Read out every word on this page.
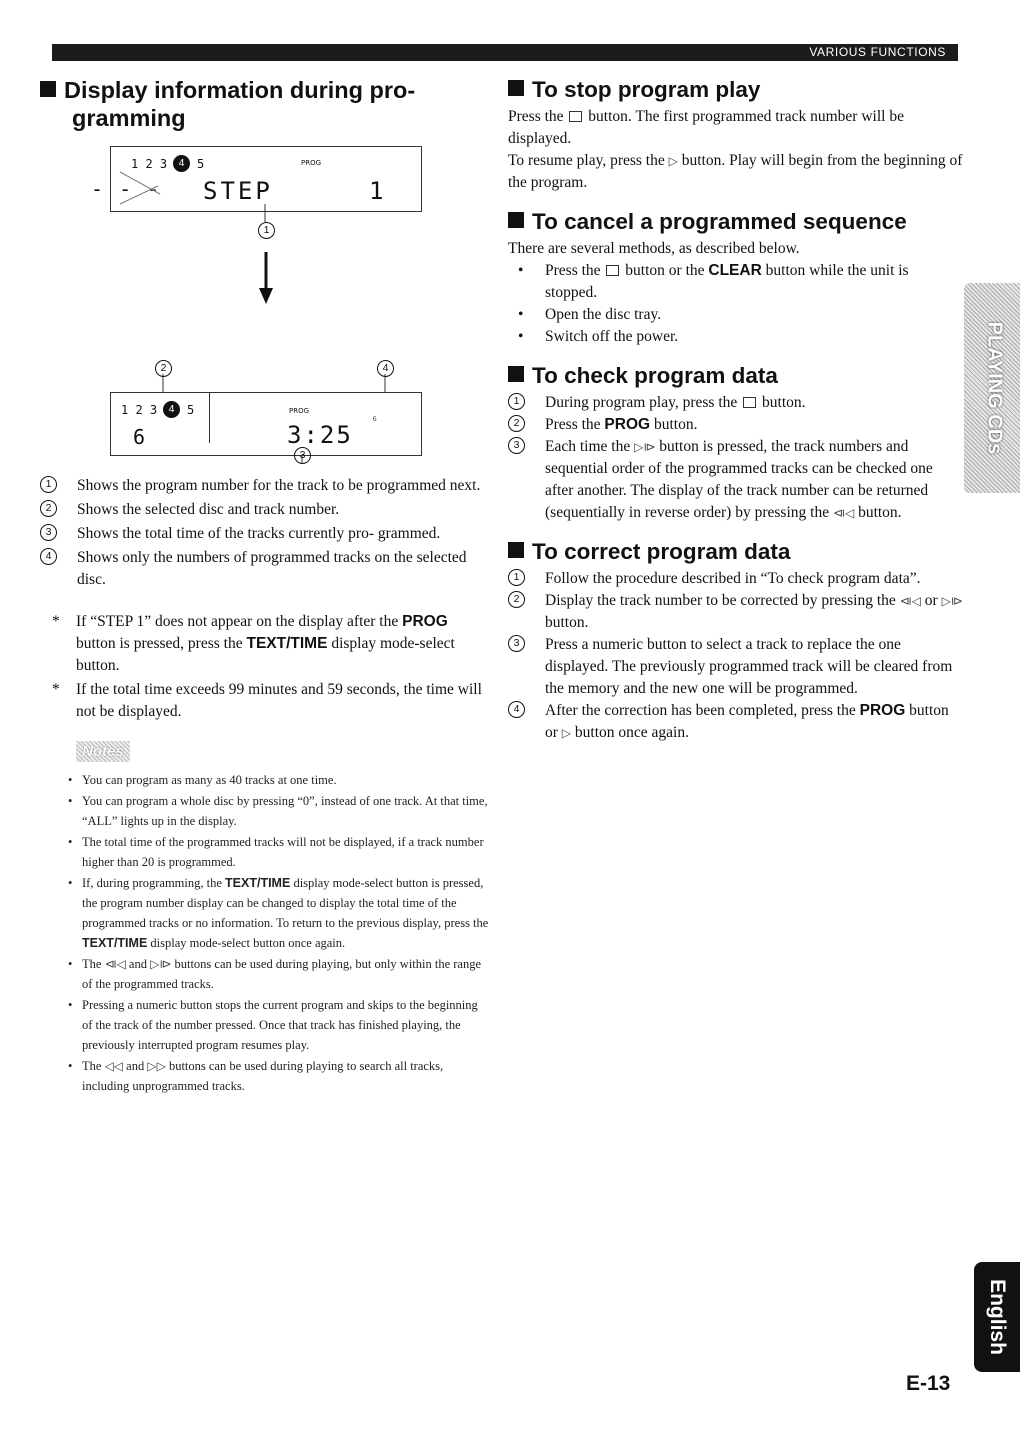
VARIOUS FUNCTIONS
Display information during pro- gramming
1 2 3	4	5	PROG
- - - STEP	1
1
2	4
1 2 3	4	5	PROG
6	3:25
6
3
1	Shows the program number for the track to be programmed next.
2	Shows the selected disc and track number.
3	Shows the total time of the tracks currently pro- grammed.
4	Shows only the numbers of programmed tracks on the selected disc.
* If “STEP 1” does not appear on the display after the PROG button is pressed, press the TEXT/TIME display mode-select button.
* If the total time exceeds 99 minutes and 59 seconds, the time will not be displayed.
Notes
• You can program as many as 40 tracks at one time.
• You can program a whole disc by pressing “0”, instead of one track. At that time, “ALL” lights up in the display.
• The total time of the programmed tracks will not be displayed, if a track number higher than 20 is programmed.
• If, during programming, the TEXT/TIME display mode-select button is pressed, the program number display can be changed to display the total time of the programmed tracks or no information. To return to the previous display, press the TEXT/TIME display mode-select button once again.
• The ⧏◁ and ▷⧐ buttons can be used during playing, but only within the range of the programmed tracks.
• Pressing a numeric button stops the current program and skips to the beginning of the track of the number pressed. Once that track has finished playing, the previously interrupted program resumes play.
• The ◁◁ and ▷▷ buttons can be used during playing to search all tracks, including unprogrammed tracks.
To stop program play

Press the  button. The first programmed track number will be displayed.

To resume play, press the ▷ button. Play will begin from the beginning of the program.

To cancel a programmed sequence

There are several methods, as described below.

• Press the  button or the CLEAR button while the unit is stopped.
• Open the disc tray.
• Switch off the power.
To check program data
1	During program play, press the  button.
2	Press the PROG button.
3	Each time the ▷⧐ button is pressed, the track numbers and sequential order of the programmed tracks can be checked one after another. The display of the track number can be returned (sequentially in reverse order) by pressing the ⧏◁ button.
To correct program data
1	Follow the procedure described in “To check program data”.
2	Display the track number to be corrected by pressing the ⧏◁ or ▷⧐ button.
3	Press a numeric button to select a track to replace the one displayed. The previously programmed track will be cleared from the memory and the new one will be programmed.
4	After the correction has been completed, press the PROG button or ▷ button once again.
PLAYING CDs
English
E-13
